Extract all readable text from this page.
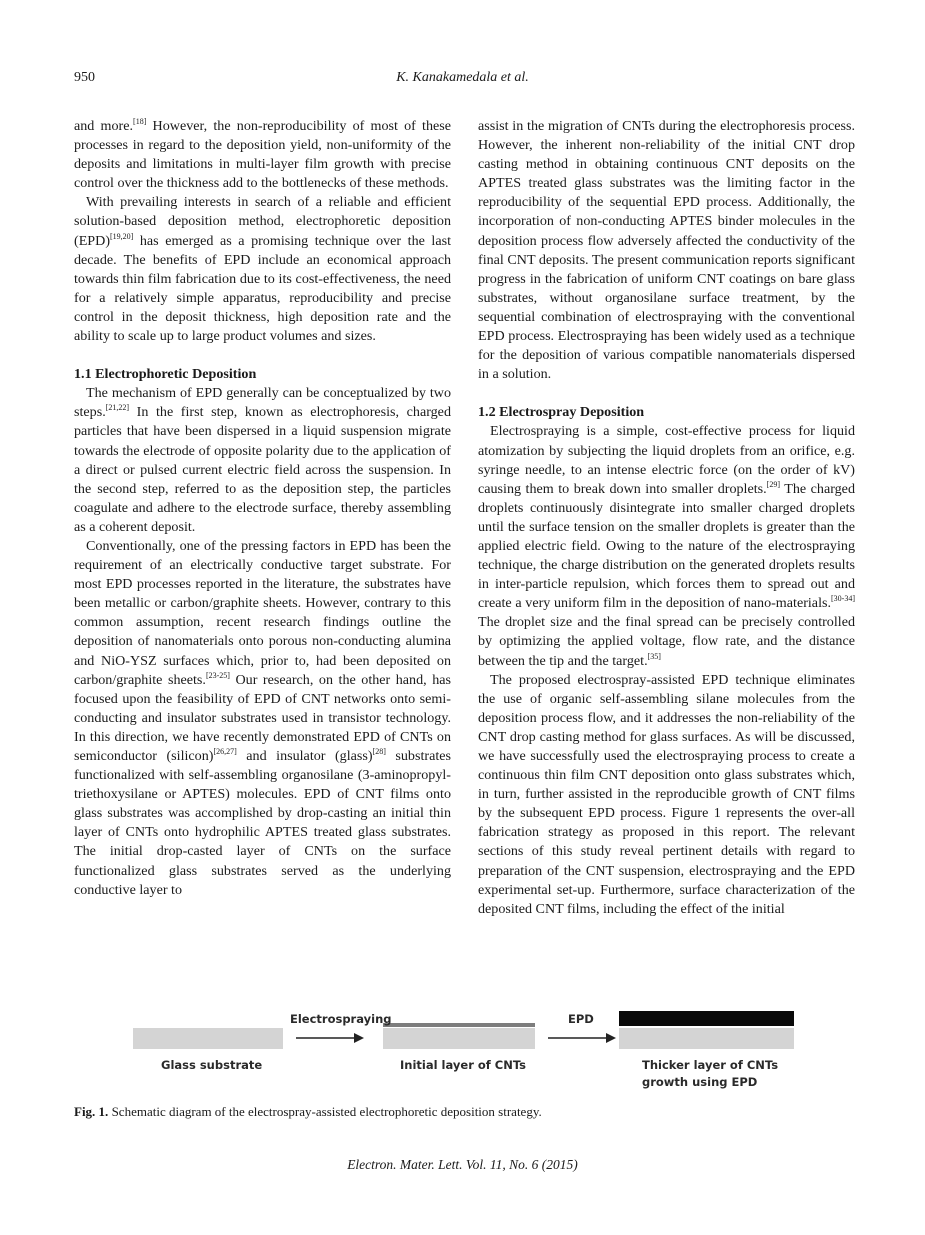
950	K. Kanakamedala et al.

and more.[18] However, the non-reproducibility of most of these processes in regard to the deposition yield, non-uniformity of the deposits and limitations in multi-layer film growth with precise control over the thickness add to the bottlenecks of these methods.

With prevailing interests in search of a reliable and efficient solution-based deposition method, electrophoretic deposition (EPD)[19,20] has emerged as a promising technique over the last decade. The benefits of EPD include an economical approach towards thin film fabrication due to its cost-effectiveness, the need for a relatively simple apparatus, reproducibility and precise control in the deposit thickness, high deposition rate and the ability to scale up to large product volumes and sizes.

1.1 Electrophoretic Deposition

The mechanism of EPD generally can be conceptualized by two steps.[21,22] In the first step, known as electrophoresis, charged particles that have been dispersed in a liquid suspension migrate towards the electrode of opposite polarity due to the application of a direct or pulsed current electric field across the suspension. In the second step, referred to as the deposition step, the particles coagulate and adhere to the electrode surface, thereby assembling as a coherent deposit.

Conventionally, one of the pressing factors in EPD has been the requirement of an electrically conductive target substrate. For most EPD processes reported in the literature, the substrates have been metallic or carbon/graphite sheets. However, contrary to this common assumption, recent research findings outline the deposition of nanomaterials onto porous non-conducting alumina and NiO-YSZ surfaces which, prior to, had been deposited on carbon/graphite sheets.[23-25] Our research, on the other hand, has focused upon the feasibility of EPD of CNT networks onto semi-conducting and insulator substrates used in transistor technology. In this direction, we have recently demonstrated EPD of CNTs on semiconductor (silicon)[26,27] and insulator (glass)[28] substrates functionalized with self-assembling organosilane (3-aminopropyl-triethoxysilane or APTES) molecules. EPD of CNT films onto glass substrates was accomplished by drop-casting an initial thin layer of CNTs onto hydrophilic APTES treated glass substrates. The initial drop-casted layer of CNTs on the surface functionalized glass substrates served as the underlying conductive layer to

assist in the migration of CNTs during the electrophoresis process. However, the inherent non-reliability of the initial CNT drop casting method in obtaining continuous CNT deposits on the APTES treated glass substrates was the limiting factor in the reproducibility of the sequential EPD process. Additionally, the incorporation of non-conducting APTES binder molecules in the deposition process flow adversely affected the conductivity of the final CNT deposits. The present communication reports significant progress in the fabrication of uniform CNT coatings on bare glass substrates, without organosilane surface treatment, by the sequential combination of electrospraying with the conventional EPD process. Electrospraying has been widely used as a technique for the deposition of various compatible nanomaterials dispersed in a solution.

1.2 Electrospray Deposition

Electrospraying is a simple, cost-effective process for liquid atomization by subjecting the liquid droplets from an orifice, e.g. syringe needle, to an intense electric force (on the order of kV) causing them to break down into smaller droplets.[29] The charged droplets continuously disintegrate into smaller charged droplets until the surface tension on the smaller droplets is greater than the applied electric field. Owing to the nature of the electrospraying technique, the charge distribution on the generated droplets results in inter-particle repulsion, which forces them to spread out and create a very uniform film in the deposition of nano-materials.[30-34] The droplet size and the final spread can be precisely controlled by optimizing the applied voltage, flow rate, and the distance between the tip and the target.[35]

The proposed electrospray-assisted EPD technique eliminates the use of organic self-assembling silane molecules from the deposition process flow, and it addresses the non-reliability of the CNT drop casting method for glass surfaces. As will be discussed, we have successfully used the electrospraying process to create a continuous thin film CNT deposition onto glass substrates which, in turn, further assisted in the reproducible growth of CNT films by the subsequent EPD process. Figure 1 represents the over-all fabrication strategy as proposed in this report. The relevant sections of this study reveal pertinent details with regard to preparation of the CNT suspension, electrospraying and the EPD experimental set-up. Furthermore, surface characterization of the deposited CNT films, including the effect of the initial

Electrospraying	EPD
Glass substrate	Initial layer of CNTs	Thicker layer of CNTs
growth using EPD
Fig. 1. Schematic diagram of the electrospray-assisted electrophoretic deposition strategy.
Electron. Mater. Lett. Vol. 11, No. 6 (2015)
